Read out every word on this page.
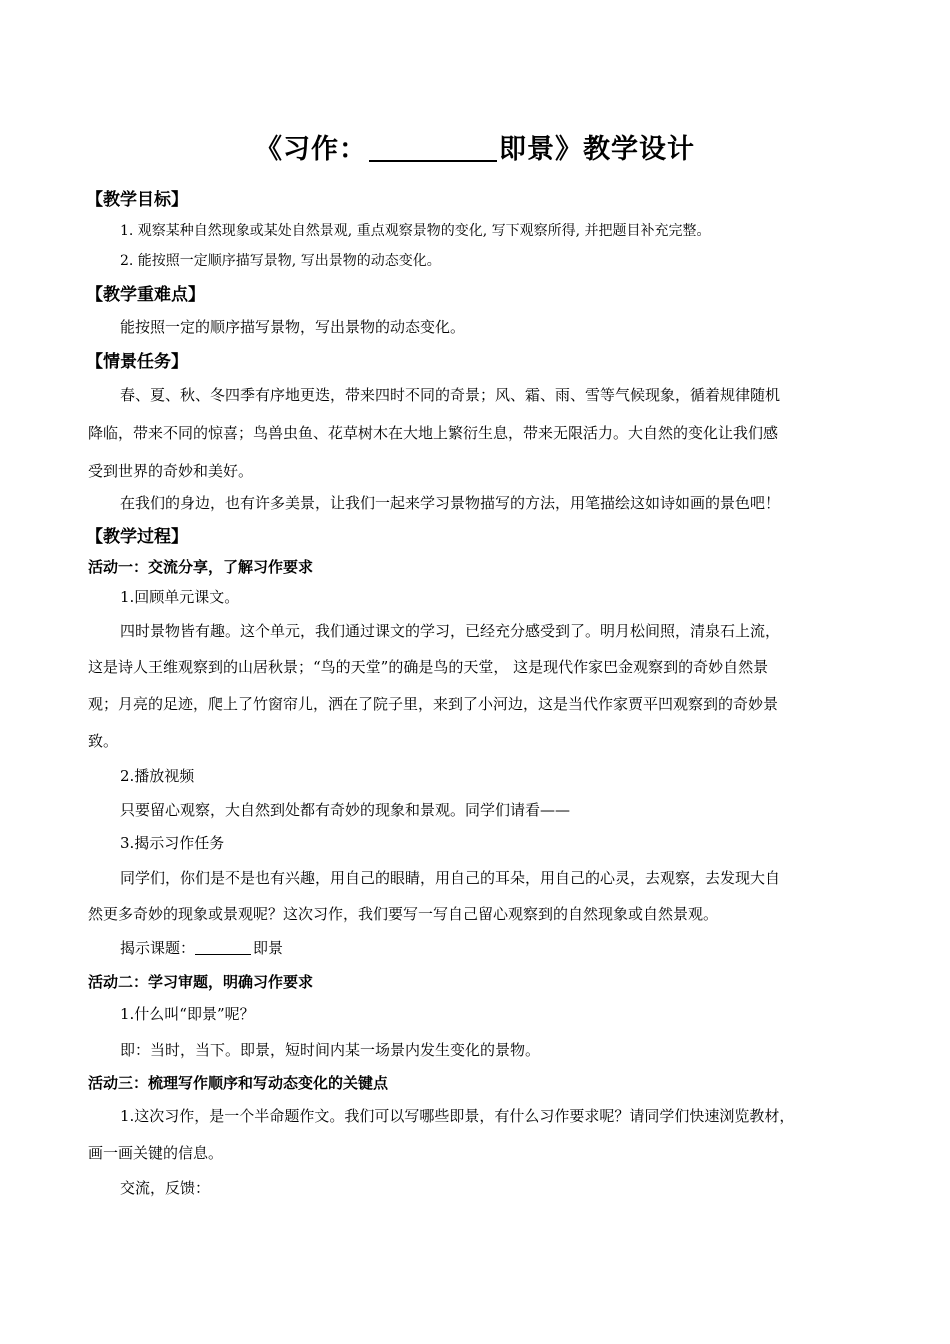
《习作：	即景》教学设计
【教学目标】
1. 观察某种自然现象或某处自然景观, 重点观察景物的变化, 写下观察所得, 并把题目补充完整。
2. 能按照一定顺序描写景物, 写出景物的动态变化。
【教学重难点】
能按照一定的顺序描写景物，写出景物的动态变化。
【情景任务】
春、夏、秋、冬四季有序地更迭，带来四时不同的奇景；风、霜、雨、雪等气候现象，循着规律随机
降临，带来不同的惊喜；鸟兽虫鱼、花草树木在大地上繁衍生息，带来无限活力。大自然的变化让我们感
受到世界的奇妙和美好。
在我们的身边，也有许多美景，让我们一起来学习景物描写的方法，用笔描绘这如诗如画的景色吧！
【教学过程】
活动一：交流分享，了解习作要求
1.回顾单元课文。
四时景物皆有趣。这个单元，我们通过课文的学习，已经充分感受到了。明月松间照，清泉石上流，
这是诗人王维观察到的山居秋景；“鸟的天堂”的确是鸟的天堂， 这是现代作家巴金观察到的奇妙自然景
观；月亮的足迹，爬上了竹窗帘儿，洒在了院子里，来到了小河边，这是当代作家贾平凹观察到的奇妙景
致。
2.播放视频
只要留心观察，大自然到处都有奇妙的现象和景观。同学们请看——
3.揭示习作任务
同学们，你们是不是也有兴趣，用自己的眼睛，用自己的耳朵，用自己的心灵，去观察，去发现大自
然更多奇妙的现象或景观呢？这次习作，我们要写一写自己留心观察到的自然现象或自然景观。
揭示课题：	即景
活动二：学习审题，明确习作要求
1.什么叫“即景”呢？
即：当时，当下。即景，短时间内某一场景内发生变化的景物。
活动三：梳理写作顺序和写动态变化的关键点
1.这次习作，是一个半命题作文。我们可以写哪些即景，有什么习作要求呢？请同学们快速浏览教材，
画一画关键的信息。
交流，反馈：
